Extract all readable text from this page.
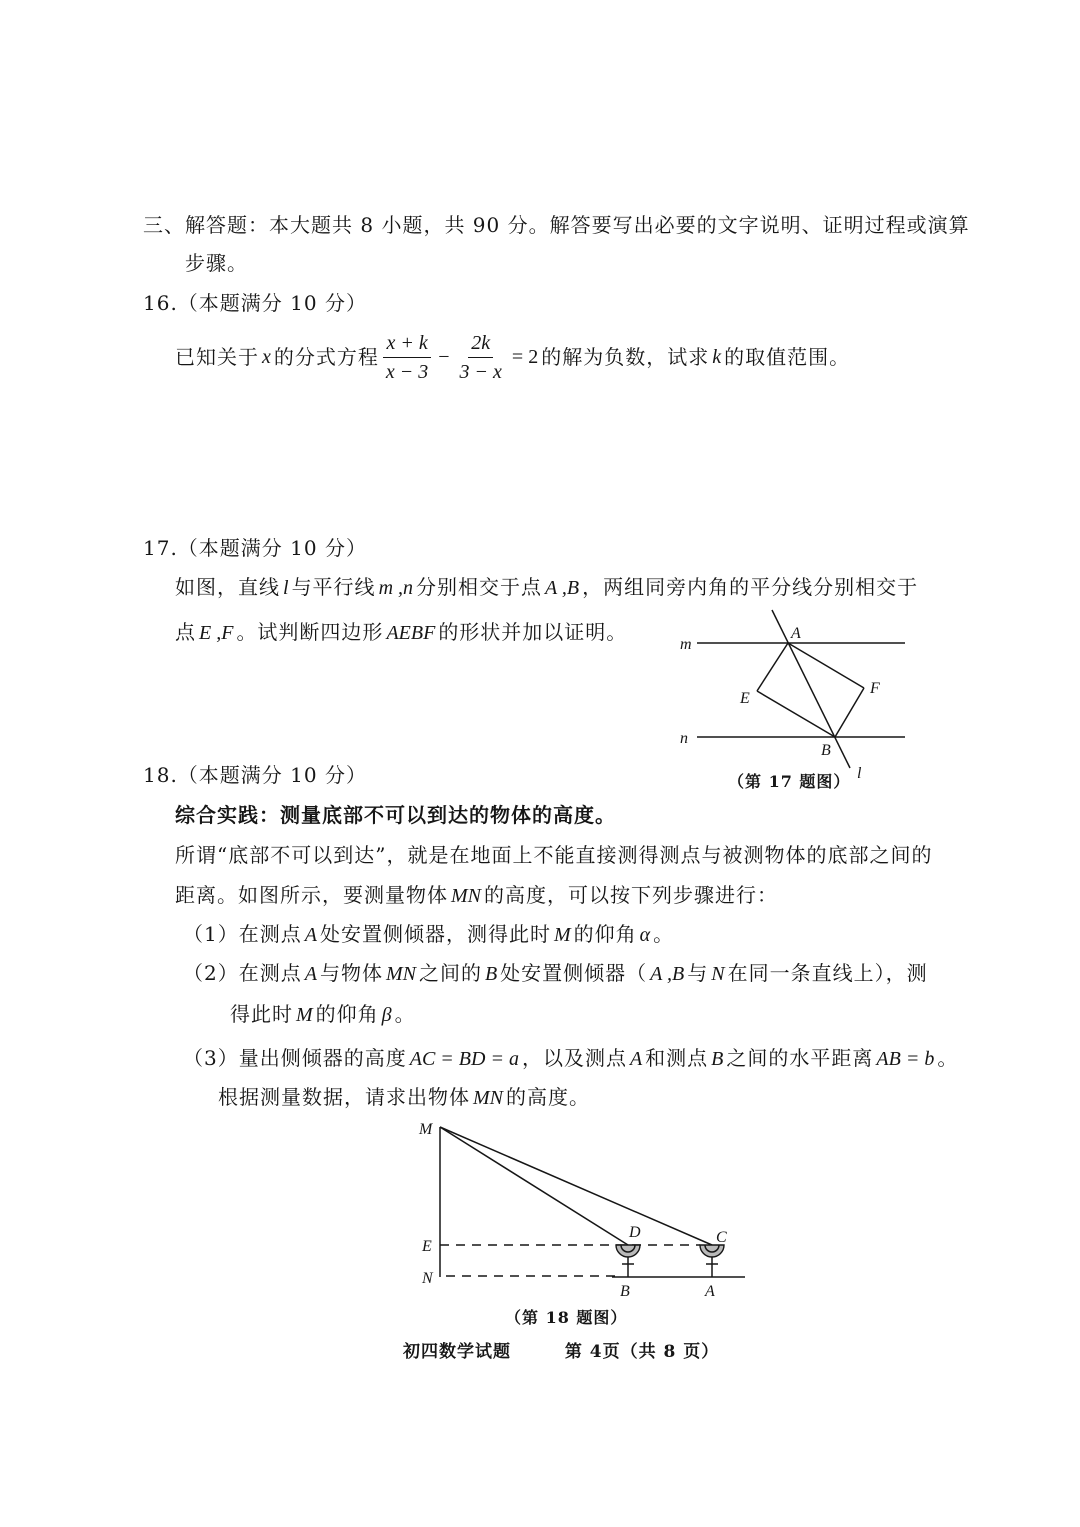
三、解答题：本大题共 8 小题，共 90 分。解答要写出必要的文字说明、证明过程或演算
步骤。
16.（本题满分 10 分）
已知关于 x 的分式方程 $\frac{x + k}{x - 3} - \frac{2k}{3 - x} = 2$ 的解为负数，试求 k 的取值范围。
17.（本题满分 10 分）
如图，直线 l 与平行线 m ,n 分别相交于点 A ,B ，两组同旁内角的平分线分别相交于
点 E ,F 。试判断四边形 AEBF 的形状并加以证明。
m
n
A
E
F
B
l
（第 17 题图）
18.（本题满分 10 分）
综合实践：测量底部不可以到达的物体的高度。
所谓“底部不可以到达”，就是在地面上不能直接测得测点与被测物体的底部之间的
距离。如图所示，要测量物体 MN 的高度，可以按下列步骤进行：
（1）在测点 A 处安置侧倾器，测得此时 M 的仰角 α 。
（2）在测点 A 与物体 MN 之间的 B 处安置侧倾器（ A ,B 与 N 在同一条直线上），测
得此时 M 的仰角 β 。
（3）量出侧倾器的高度 AC = BD = a ，以及测点 A 和测点 B 之间的水平距离 AB = b 。
根据测量数据，请求出物体 MN 的高度。
M
E
N
D	C
B	A
（第 18 题图）
初四数学试题	第 4页（共 8 页）
